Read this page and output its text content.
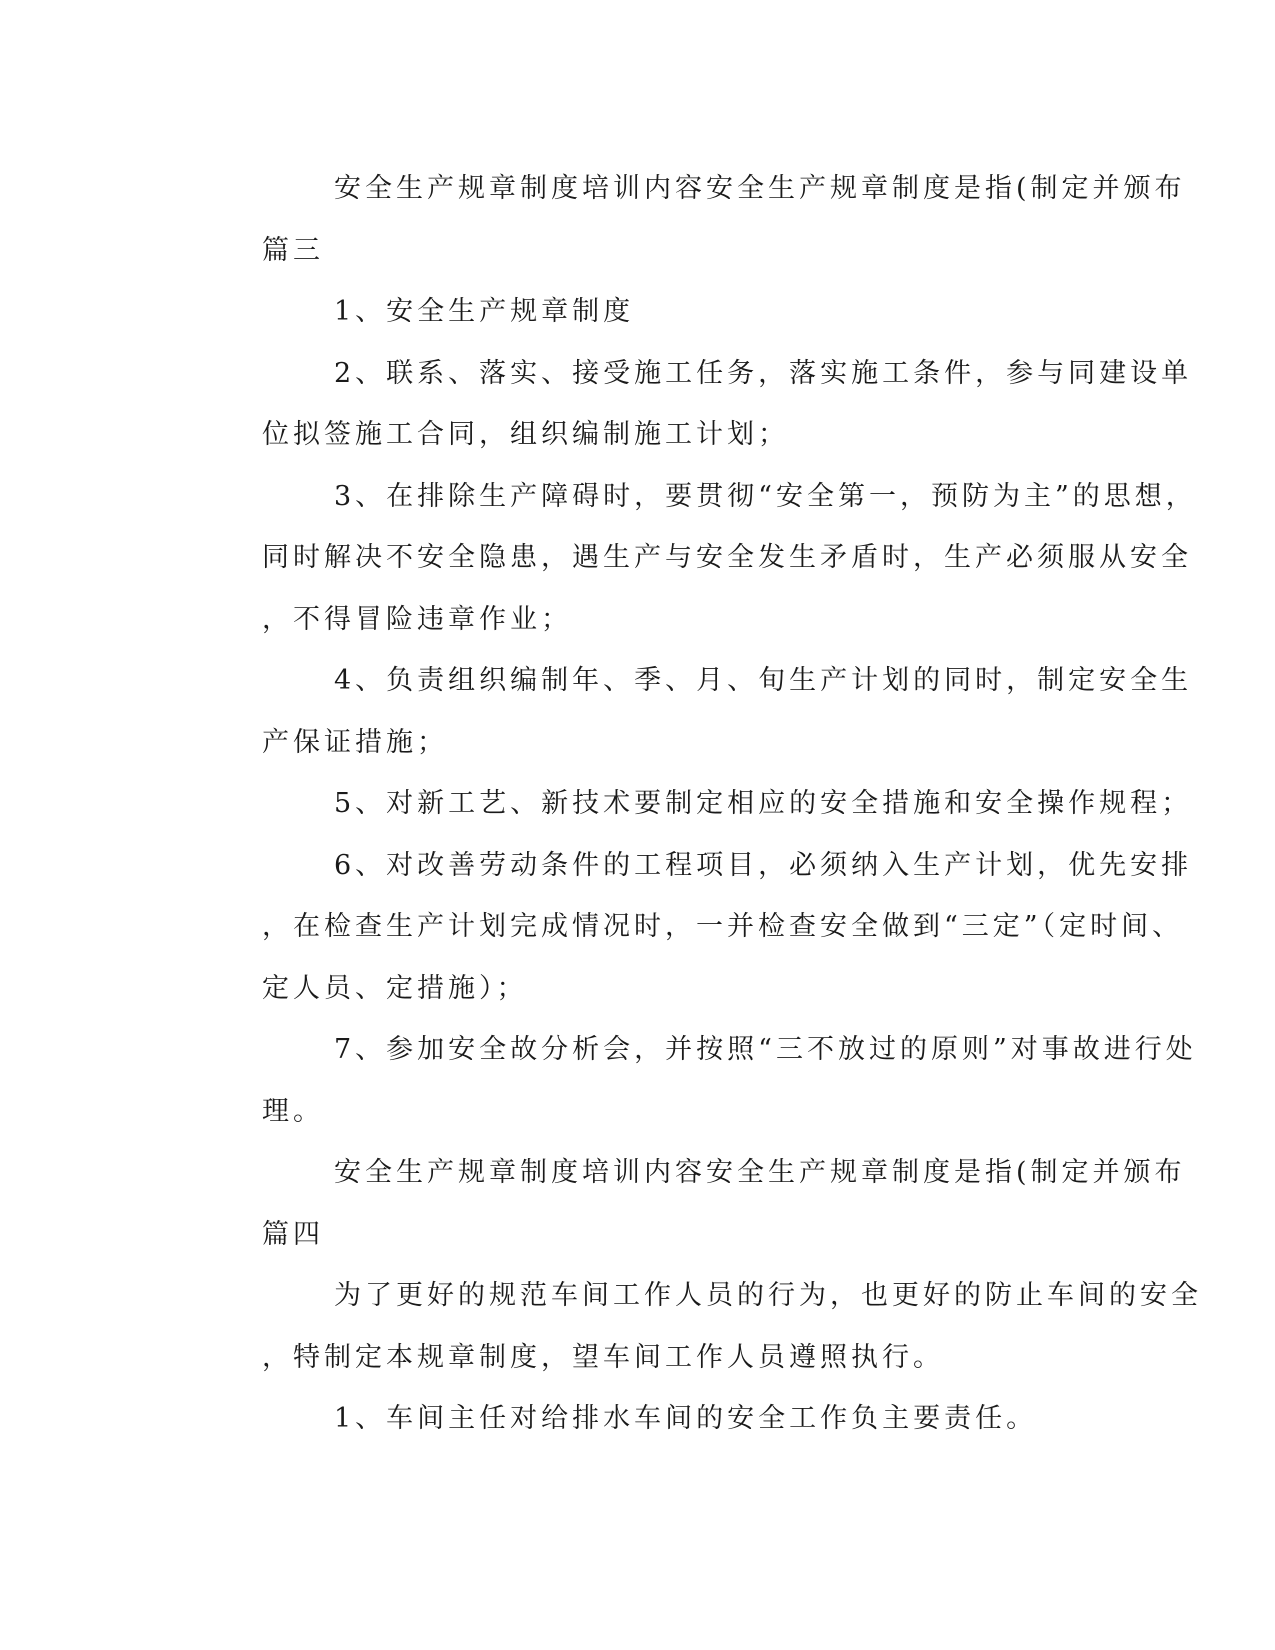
安全生产规章制度培训内容安全生产规章制度是指(制定并颁布
篇三
1、安全生产规章制度
2、联系、落实、接受施工任务，落实施工条件，参与同建设单
位拟签施工合同，组织编制施工计划；
3、在排除生产障碍时，要贯彻“安全第一，预防为主”的思想，
同时解决不安全隐患，遇生产与安全发生矛盾时，生产必须服从安全
，不得冒险违章作业；
4、负责组织编制年、季、月、旬生产计划的同时，制定安全生
产保证措施；
5、对新工艺、新技术要制定相应的安全措施和安全操作规程；
6、对改善劳动条件的工程项目，必须纳入生产计划，优先安排
，在检查生产计划完成情况时，一并检查安全做到“三定”（定时间、
定人员、定措施）；
7、参加安全故分析会，并按照“三不放过的原则”对事故进行处
理。
安全生产规章制度培训内容安全生产规章制度是指(制定并颁布
篇四
为了更好的规范车间工作人员的行为，也更好的防止车间的安全
，特制定本规章制度，望车间工作人员遵照执行。
1、车间主任对给排水车间的安全工作负主要责任。
